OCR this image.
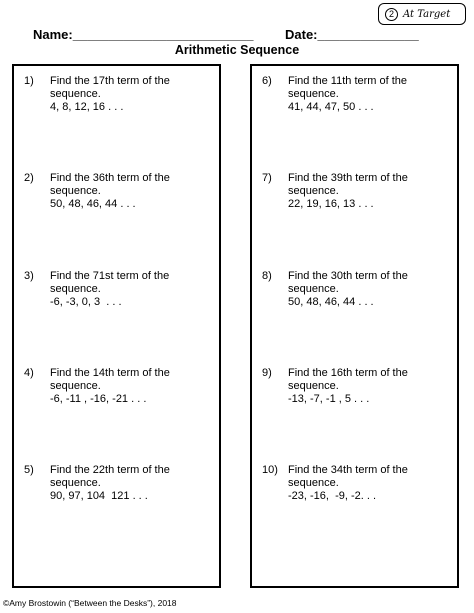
2 At Target
Name:_________________________ Date:______________
Arithmetic Sequence
1) Find the 17th term of the sequence.
4, 8, 12, 16 . . .
2) Find the 36th term of the sequence.
50, 48, 46, 44 . . .
3) Find the 71st term of the sequence.
-6, -3, 0, 3  . . .
4) Find the 14th term of the sequence.
-6, -11 , -16, -21 . . .
5) Find the 22th term of the sequence.
90, 97, 104  121 . . .
6) Find the 11th term of the sequence.
41, 44, 47, 50 . . .
7) Find the 39th term of the sequence.
22, 19, 16, 13 . . .
8) Find the 30th term of the sequence.
50, 48, 46, 44 . . .
9) Find the 16th term of the sequence.
-13, -7, -1 , 5 . . .
10) Find the 34th term of the sequence.
-23, -16,  -9, -2. . .
©Amy Brostowin (“Between the Desks”), 2018
